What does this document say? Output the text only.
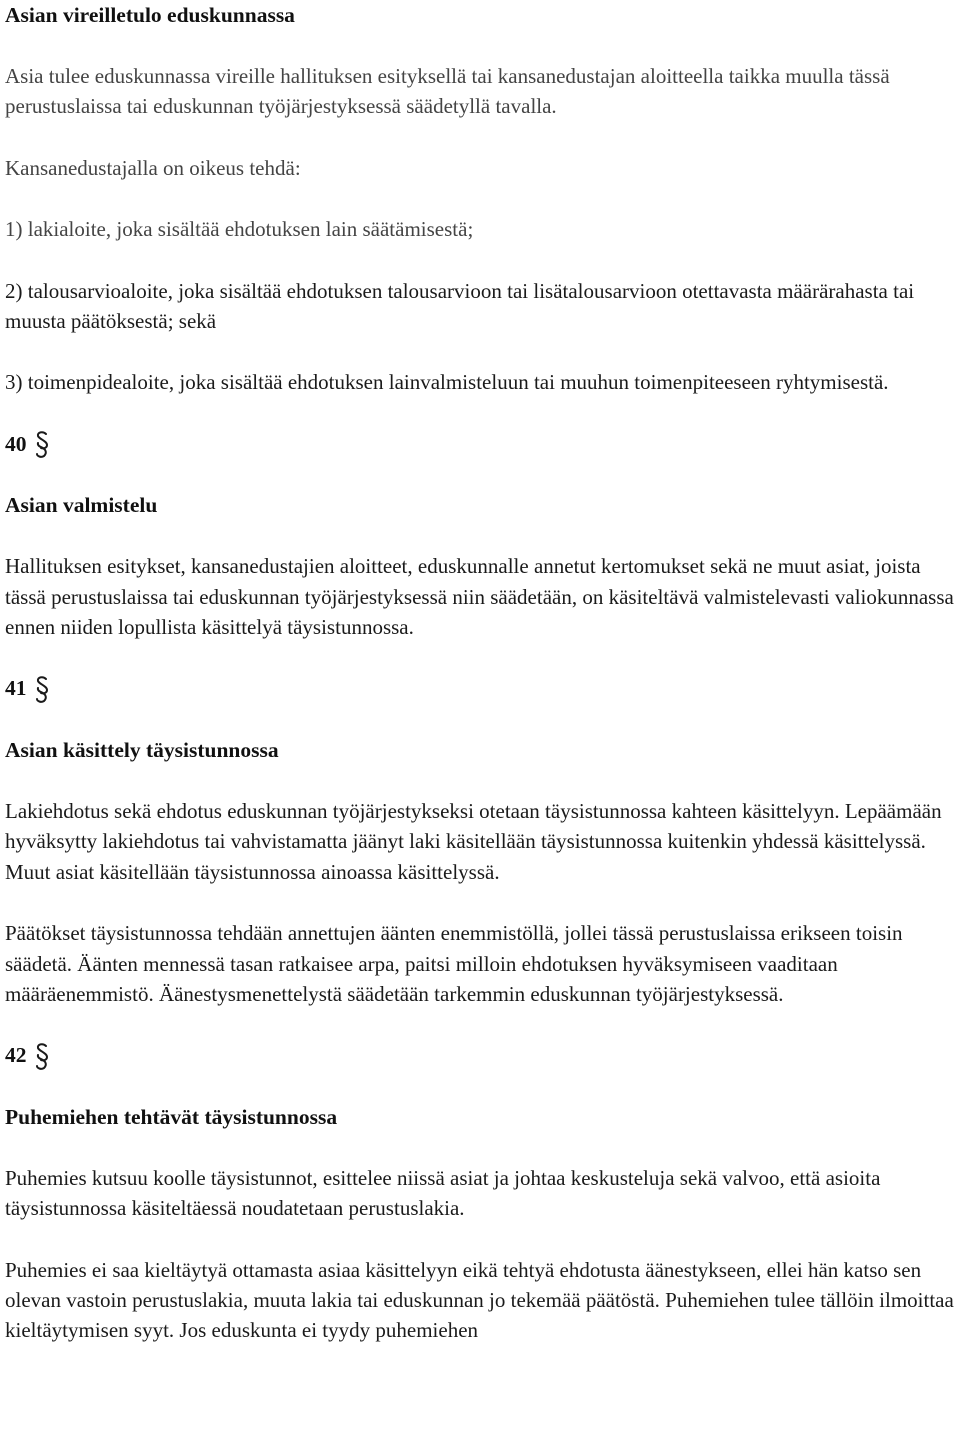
Asian vireilletulo eduskunnassa

Asia tulee eduskunnassa vireille hallituksen esityksellä tai kansanedustajan aloitteella taikka muulla tässä perustuslaissa tai eduskunnan työjärjestyksessä säädetyllä tavalla.

Kansanedustajalla on oikeus tehdä:

1) lakialoite, joka sisältää ehdotuksen lain säätämisestä;

2) talousarvioaloite, joka sisältää ehdotuksen talousarvioon tai lisätalousarvioon otettavasta määrärahasta tai muusta päätöksestä; sekä

3) toimenpidealoite, joka sisältää ehdotuksen lainvalmisteluun tai muuhun toimenpiteeseen ryhtymisestä.

40
Asian valmistelu

Hallituksen esitykset, kansanedustajien aloitteet, eduskunnalle annetut kertomukset sekä ne muut asiat, joista tässä perustuslaissa tai eduskunnan työjärjestyksessä niin säädetään, on käsiteltävä valmistelevasti valiokunnassa ennen niiden lopullista käsittelyä täysistunnossa.

41
Asian käsittely täysistunnossa

Lakiehdotus sekä ehdotus eduskunnan työjärjestykseksi otetaan täysistunnossa kahteen käsittelyyn. Lepäämään hyväksytty lakiehdotus tai vahvistamatta jäänyt laki käsitellään täysistunnossa kuitenkin yhdessä käsittelyssä. Muut asiat käsitellään täysistunnossa ainoassa käsittelyssä.

Päätökset täysistunnossa tehdään annettujen äänten enemmistöllä, jollei tässä perustuslaissa erikseen toisin säädetä. Äänten mennessä tasan ratkaisee arpa, paitsi milloin ehdotuksen hyväksymiseen vaaditaan määräenemmistö. Äänestysmenettelystä säädetään tarkemmin eduskunnan työjärjestyksessä.

42
Puhemiehen tehtävät täysistunnossa

Puhemies kutsuu koolle täysistunnot, esittelee niissä asiat ja johtaa keskusteluja sekä valvoo, että asioita täysistunnossa käsiteltäessä noudatetaan perustuslakia.

Puhemies ei saa kieltäytyä ottamasta asiaa käsittelyyn eikä tehtyä ehdotusta äänestykseen, ellei hän katso sen olevan vastoin perustuslakia, muuta lakia tai eduskunnan jo tekemää päätöstä. Puhemiehen tulee tällöin ilmoittaa kieltäytymisen syyt. Jos eduskunta ei tyydy puhemiehen
